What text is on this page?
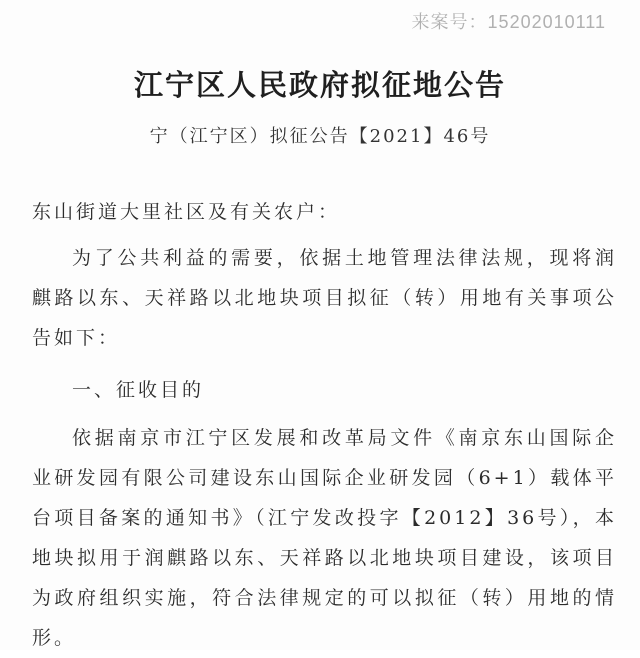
来案号：15202010111
江宁区人民政府拟征地公告
宁（江宁区）拟征公告【2021】46号
东山街道大里社区及有关农户：
为了公共利益的需要，依据土地管理法律法规，现将润麒路以东、天祥路以北地块项目拟征（转）用地有关事项公告如下：
一、征收目的
依据南京市江宁区发展和改革局文件《南京东山国际企业研发园有限公司建设东山国际企业研发园（6+1）载体平台项目备案的通知书》（江宁发改投字【2012】36号），本地块拟用于润麒路以东、天祥路以北地块项目建设，该项目为政府组织实施，符合法律规定的可以拟征（转）用地的情形。
